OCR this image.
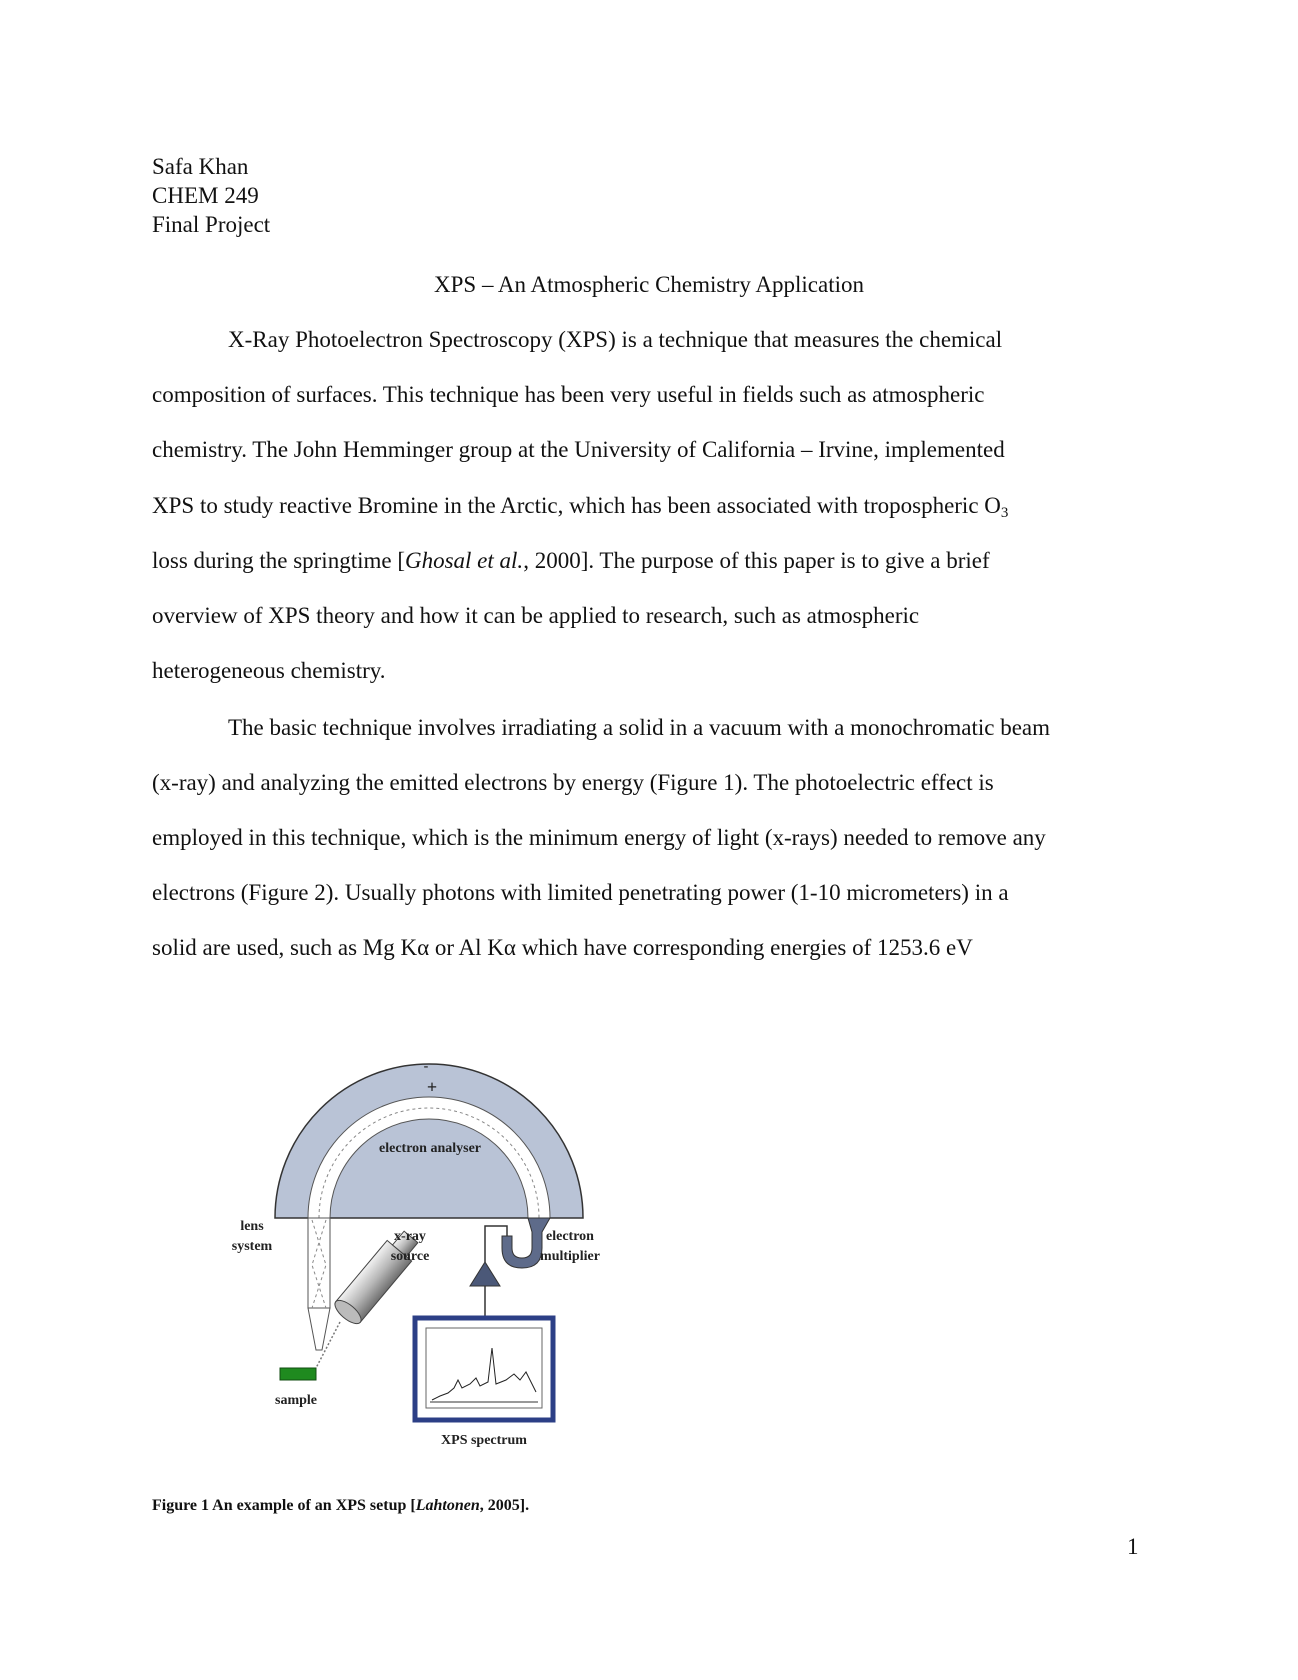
Safa Khan
CHEM 249
Final Project
XPS – An Atmospheric Chemistry Application
X-Ray Photoelectron Spectroscopy (XPS) is a technique that measures the chemical
composition of surfaces. This technique has been very useful in fields such as atmospheric
chemistry. The John Hemminger group at the University of California – Irvine, implemented
XPS to study reactive Bromine in the Arctic, which has been associated with tropospheric $O_3$
loss during the springtime [Ghosal et al., 2000]. The purpose of this paper is to give a brief
overview of XPS theory and how it can be applied to research, such as atmospheric
heterogeneous chemistry.
The basic technique involves irradiating a solid in a vacuum with a monochromatic beam
(x-ray) and analyzing the emitted electrons by energy (Figure 1). The photoelectric effect is
employed in this technique, which is the minimum energy of light (x-rays) needed to remove any
electrons (Figure 2). Usually photons with limited penetrating power (1-10 micrometers) in a
solid are used, such as Mg Kα or Al Kα which have corresponding energies of 1253.6 eV
-
+
electron analyser
lens
system
sample
x-ray
source
electron
multiplier
XPS spectrum
Figure 1 An example of an XPS setup [Lahtonen, 2005].
1
